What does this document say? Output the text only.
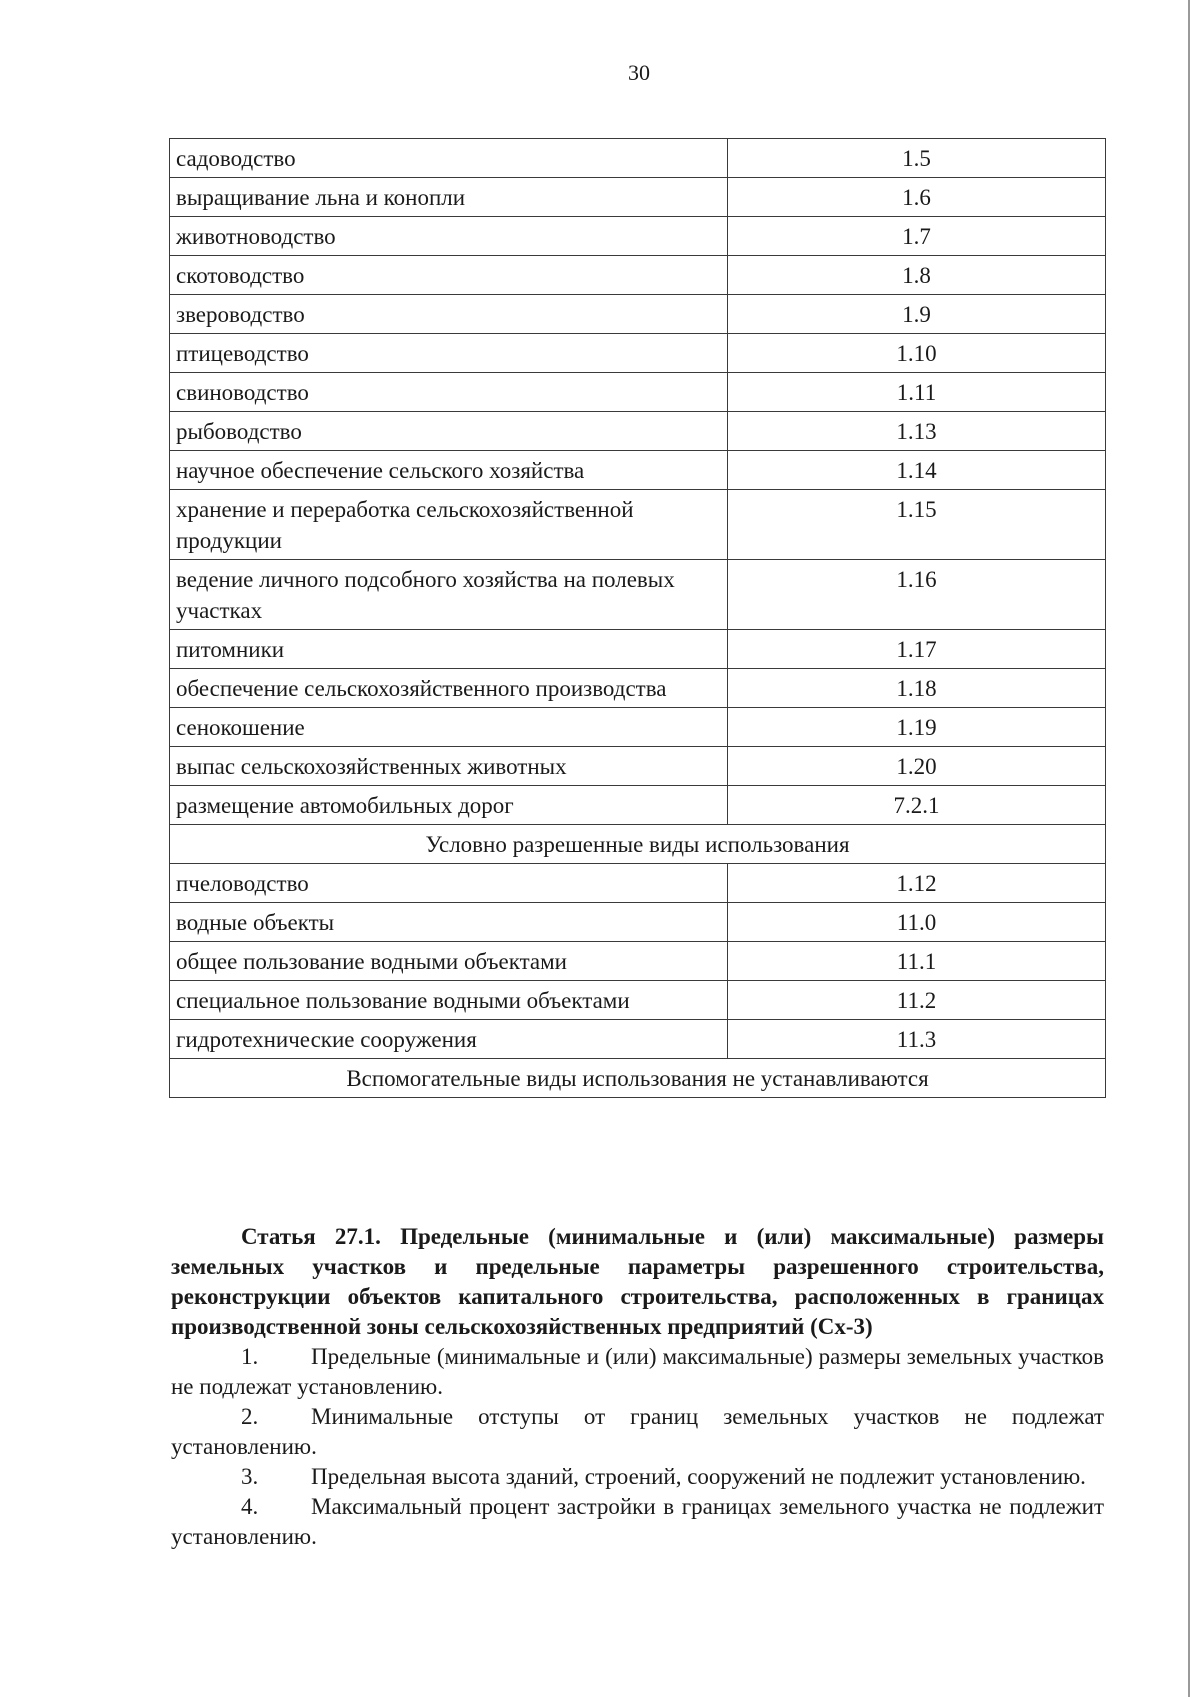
30
садоводство	1.5
выращивание льна и конопли	1.6
животноводство	1.7
скотоводство	1.8
звероводство	1.9
птицеводство	1.10
свиноводство	1.11
рыбоводство	1.13
научное обеспечение сельского хозяйства	1.14
хранение и переработка сельскохозяйственной продукции	1.15
ведение личного подсобного хозяйства на полевых участках	1.16
питомники	1.17
обеспечение сельскохозяйственного производства	1.18
сенокошение	1.19
выпас сельскохозяйственных животных	1.20
размещение автомобильных дорог	7.2.1
Условно разрешенные виды использования	
пчеловодство	1.12
водные объекты	11.0
общее пользование водными объектами	11.1
специальное пользование водными объектами	11.2
гидротехнические сооружения	11.3
Вспомогательные виды использования не устанавливаются	

Статья 27.1. Предельные (минимальные и (или) максимальные) размеры земельных участков и предельные параметры разрешенного строительства, реконструкции объектов капитального строительства, расположенных в границах производственной зоны сельскохозяйственных предприятий (Сх-3)

1. Предельные (минимальные и (или) максимальные) размеры земельных участков не подлежат установлению.

2. Минимальные отступы от границ земельных участков не подлежат установлению.

3. Предельная высота зданий, строений, сооружений не подлежит установлению.

4. Максимальный процент застройки в границах земельного участка не подлежит установлению.
